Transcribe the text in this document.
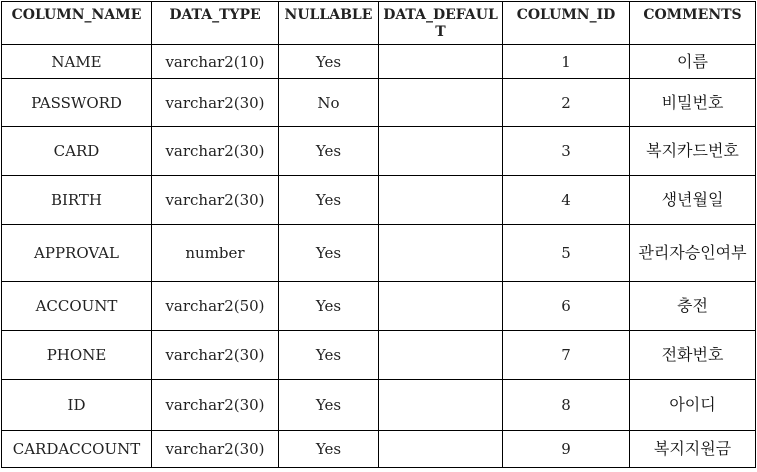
COLUMN_NAME	DATA_TYPE	NULLABLE	DATA_DEFAULT	COLUMN_ID	COMMENTS
NAME	varchar2(10)	Yes		1	이름
PASSWORD	varchar2(30)	No		2	비밀번호
CARD	varchar2(30)	Yes		3	복지카드번호
BIRTH	varchar2(30)	Yes		4	생년월일
APPROVAL	number	Yes		5	관리자승인여부
ACCOUNT	varchar2(50)	Yes		6	충전
PHONE	varchar2(30)	Yes		7	전화번호
ID	varchar2(30)	Yes		8	아이디
CARDACCOUNT	varchar2(30)	Yes		9	복지지원금
